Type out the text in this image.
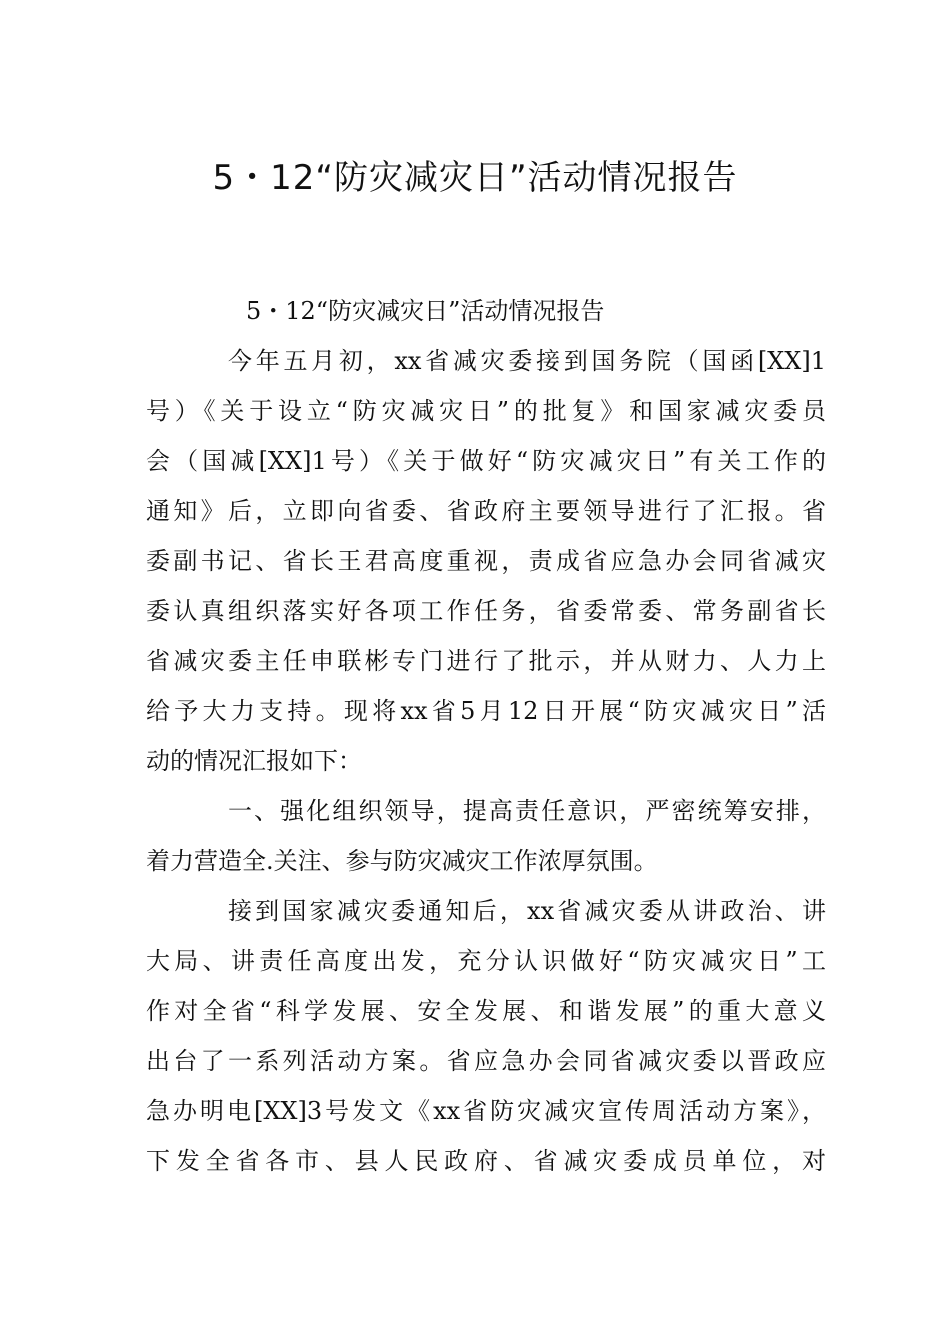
5・12“防灾减灾日”活动情况报告
5・12“防灾减灾日”活动情况报告
今年五月初，xx省减灾委接到国务院（国函[XX]1
号）《关于设立“防灾减灾日”的批复》和国家减灾委员
会（国减[XX]1号）《关于做好“防灾减灾日”有关工作的
通知》后，立即向省委、省政府主要领导进行了汇报。省
委副书记、省长王君高度重视，责成省应急办会同省减灾
委认真组织落实好各项工作任务，省委常委、常务副省长
省减灾委主任申联彬专门进行了批示，并从财力、人力上
给予大力支持。现将xx省5月12日开展“防灾减灾日”活
动的情况汇报如下：
一、强化组织领导，提高责任意识，严密统筹安排，
着力营造全.关注、参与防灾减灾工作浓厚氛围。
接到国家减灾委通知后，xx省减灾委从讲政治、讲
大局、讲责任高度出发，充分认识做好“防灾减灾日”工
作对全省“科学发展、安全发展、和谐发展”的重大意义
出台了一系列活动方案。省应急办会同省减灾委以晋政应
急办明电[XX]3号发文《xx省防灾减灾宣传周活动方案》，
下发全省各市、县人民政府、省减灾委成员单位，对
